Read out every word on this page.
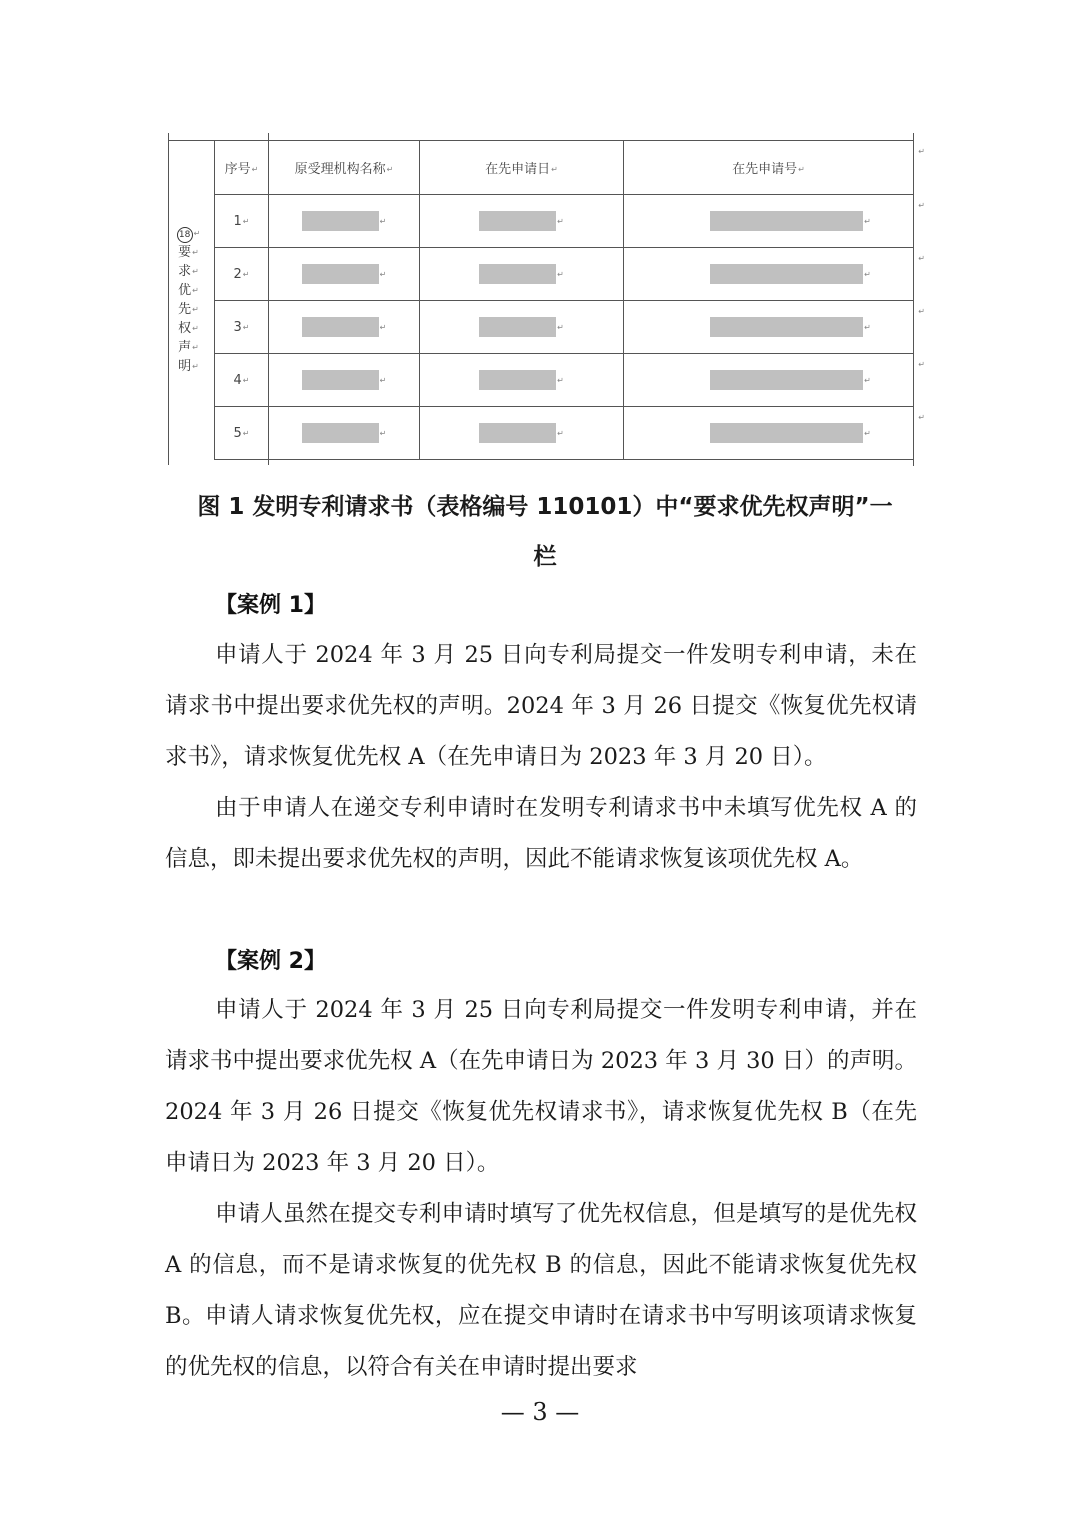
18 ↵
要↵
求↵
优↵
先↵
权↵
声↵
明↵
	序号↵	原受理机构名称↵	在先申请日↵	在先申请号↵
↵

	1↵	↵	↵	↵
↵

	2↵	↵	↵	↵
↵

	3↵	↵	↵	↵
↵

	4↵	↵	↵	↵
↵

	5↵	↵	↵	↵
↵
图 1 发明专利请求书（表格编号 110101）中“要求优先权声明”一
栏
【案例 1】

申请人于 2024 年 3 月 25 日向专利局提交一件发明专利申请，未在请求书中提出要求优先权的声明。2024 年 3 月 26 日提交《恢复优先权请求书》，请求恢复优先权 A（在先申请日为 2023 年 3 月 20 日）。

由于申请人在递交专利申请时在发明专利请求书中未填写优先权 A 的信息，即未提出要求优先权的声明，因此不能请求恢复该项优先权 A。

【案例 2】

申请人于 2024 年 3 月 25 日向专利局提交一件发明专利申请，并在请求书中提出要求优先权 A（在先申请日为 2023 年 3 月 30 日）的声明。2024 年 3 月 26 日提交《恢复优先权请求书》，请求恢复优先权 B（在先申请日为 2023 年 3 月 20 日）。

申请人虽然在提交专利申请时填写了优先权信息，但是填写的是优先权 A 的信息，而不是请求恢复的优先权 B 的信息，因此不能请求恢复优先权 B。申请人请求恢复优先权，应在提交申请时在请求书中写明该项请求恢复的优先权的信息，以符合有关在申请时提出要求

— 3 —
